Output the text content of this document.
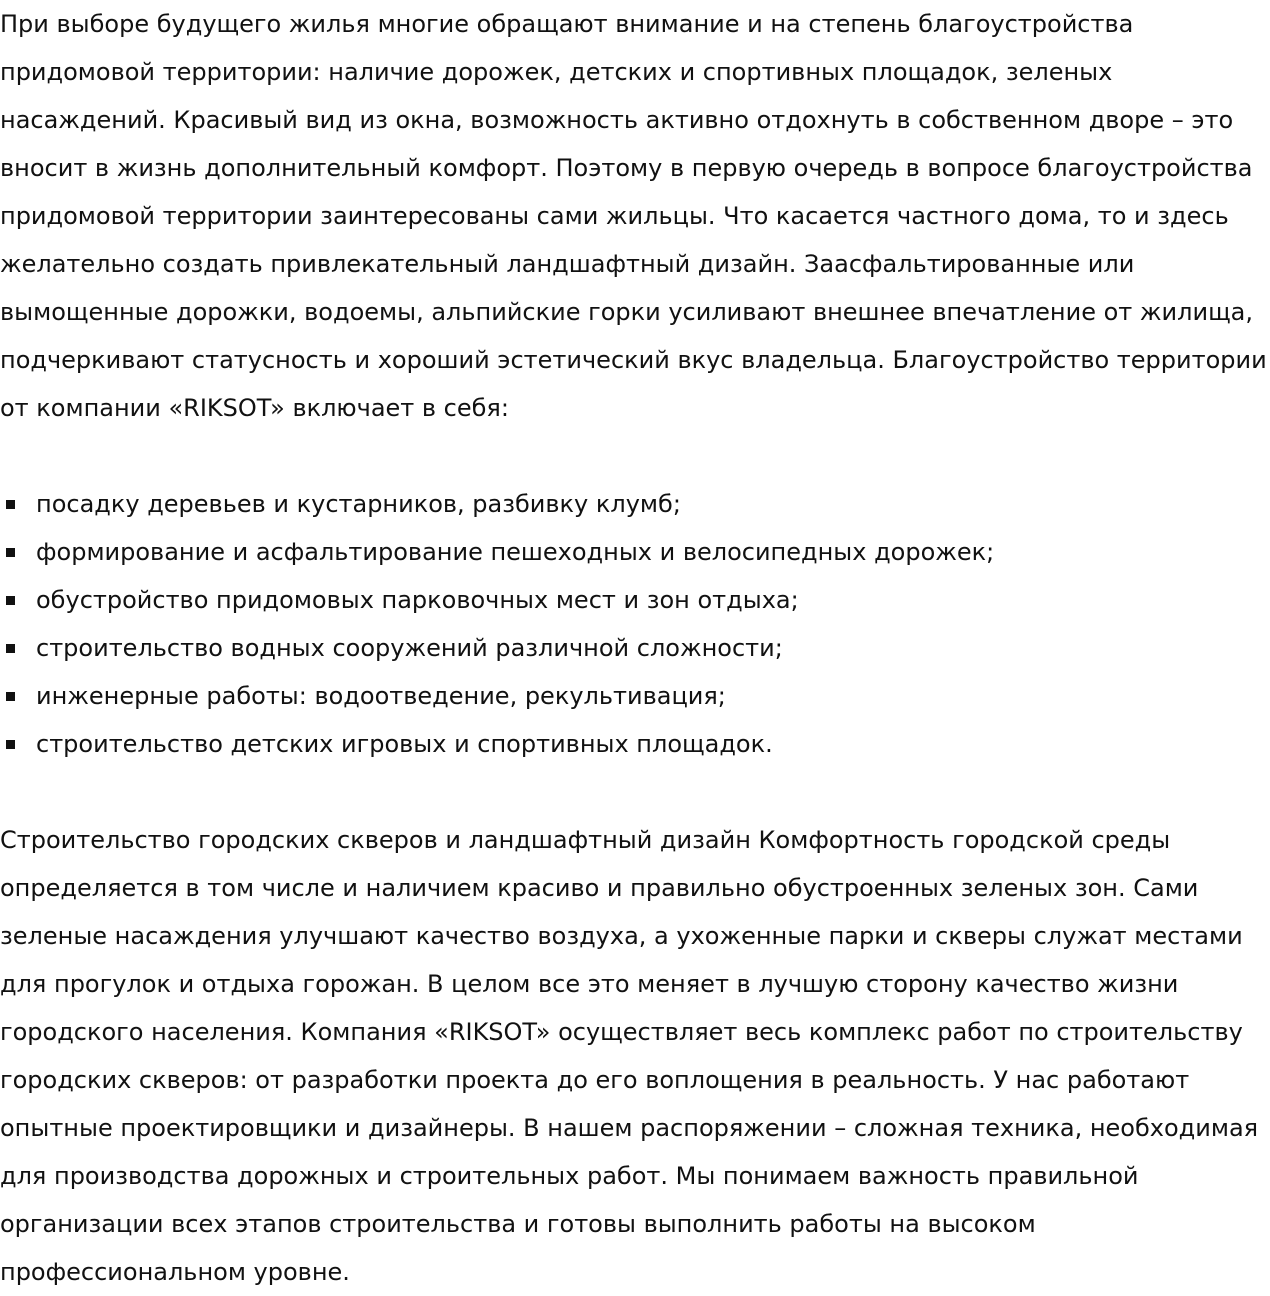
При выборе будущего жилья многие обращают внимание и на степень благоустройства придомовой территории: наличие дорожек, детских и спортивных площадок, зеленых насаждений. Красивый вид из окна, возможность активно отдохнуть в собственном дворе – это вносит в жизнь дополнительный комфорт. Поэтому в первую очередь в вопросе благоустройства придомовой территории заинтересованы сами жильцы. Что касается частного дома, то и здесь желательно создать привлекательный ландшафтный дизайн. Заасфальтированные или вымощенные дорожки, водоемы, альпийские горки усиливают внешнее впечатление от жилища, подчеркивают статусность и хороший эстетический вкус владельца. Благоустройство территории от компании «RIKSOT» включает в себя:

посадку деревьев и кустарников, разбивку клумб;
формирование и асфальтирование пешеходных и велосипедных дорожек;
обустройство придомовых парковочных мест и зон отдыха;
строительство водных сооружений различной сложности;
инженерные работы: водоотведение, рекультивация;
строительство детских игровых и спортивных площадок.

Строительство городских скверов и ландшафтный дизайн Комфортность городской среды определяется в том числе и наличием красиво и правильно обустроенных зеленых зон. Сами зеленые насаждения улучшают качество воздуха, а ухоженные парки и скверы служат местами для прогулок и отдыха горожан. В целом все это меняет в лучшую сторону качество жизни городского населения. Компания «RIKSOT» осуществляет весь комплекс работ по строительству городских скверов: от разработки проекта до его воплощения в реальность. У нас работают опытные проектировщики и дизайнеры. В нашем распоряжении – сложная техника, необходимая для производства дорожных и строительных работ. Мы понимаем важность правильной организации всех этапов строительства и готовы выполнить работы на высоком профессиональном уровне.
